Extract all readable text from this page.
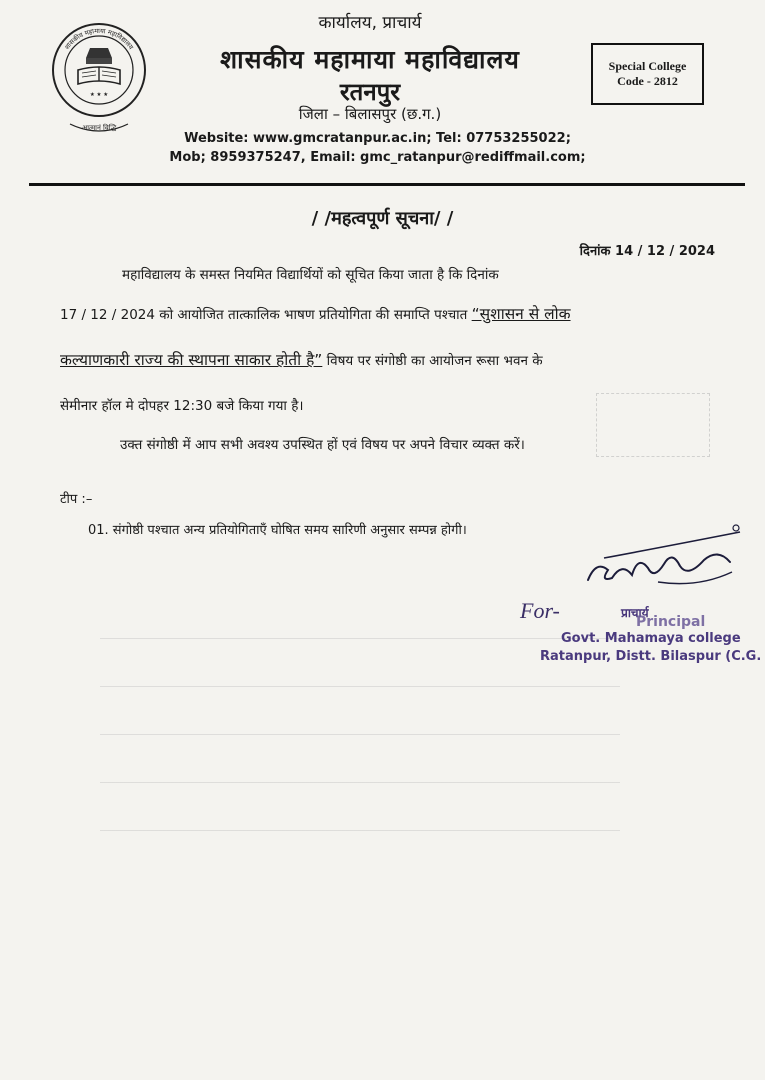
शासकीय महामाया महाविद्यालय
★ ★ ★
आत्मानं विद्धि
कार्यालय, प्राचार्य
शासकीय महामाया महाविद्यालय
रतनपुर
जिला – बिलासपुर (छ.ग.)
Website: www.gmcratanpur.ac.in; Tel: 07753255022;
Mob; 8959375247, Email: gmc_ratanpur@rediffmail.com;
Special College
Code - 2812
/ /महत्वपूर्ण सूचना/ /
दिनांक 14 / 12 / 2024
महाविद्यालय के समस्त नियमित विद्यार्थियों को सूचित किया जाता है कि दिनांक
17 / 12 / 2024 को आयोजित तात्कालिक भाषण प्रतियोगिता की समाप्ति पश्चात “सुशासन से लोक
कल्याणकारी राज्य की स्थापना साकार होती है” विषय पर संगोष्ठी का आयोजन रूसा भवन के
सेमीनार हॉल मे दोपहर 12:30 बजे किया गया है।
उक्त संगोष्ठी में आप सभी अवश्य उपस्थित हों एवं विषय पर अपने विचार व्यक्त करें।
टीप :–
01. संगोष्ठी पश्चात अन्य प्रतियोगिताएँ घोषित समय सारिणी अनुसार सम्पन्न होगी।
For-	प्राचार्य
Principal
Govt. Mahamaya college
Ratanpur, Distt. Bilaspur (C.G.
